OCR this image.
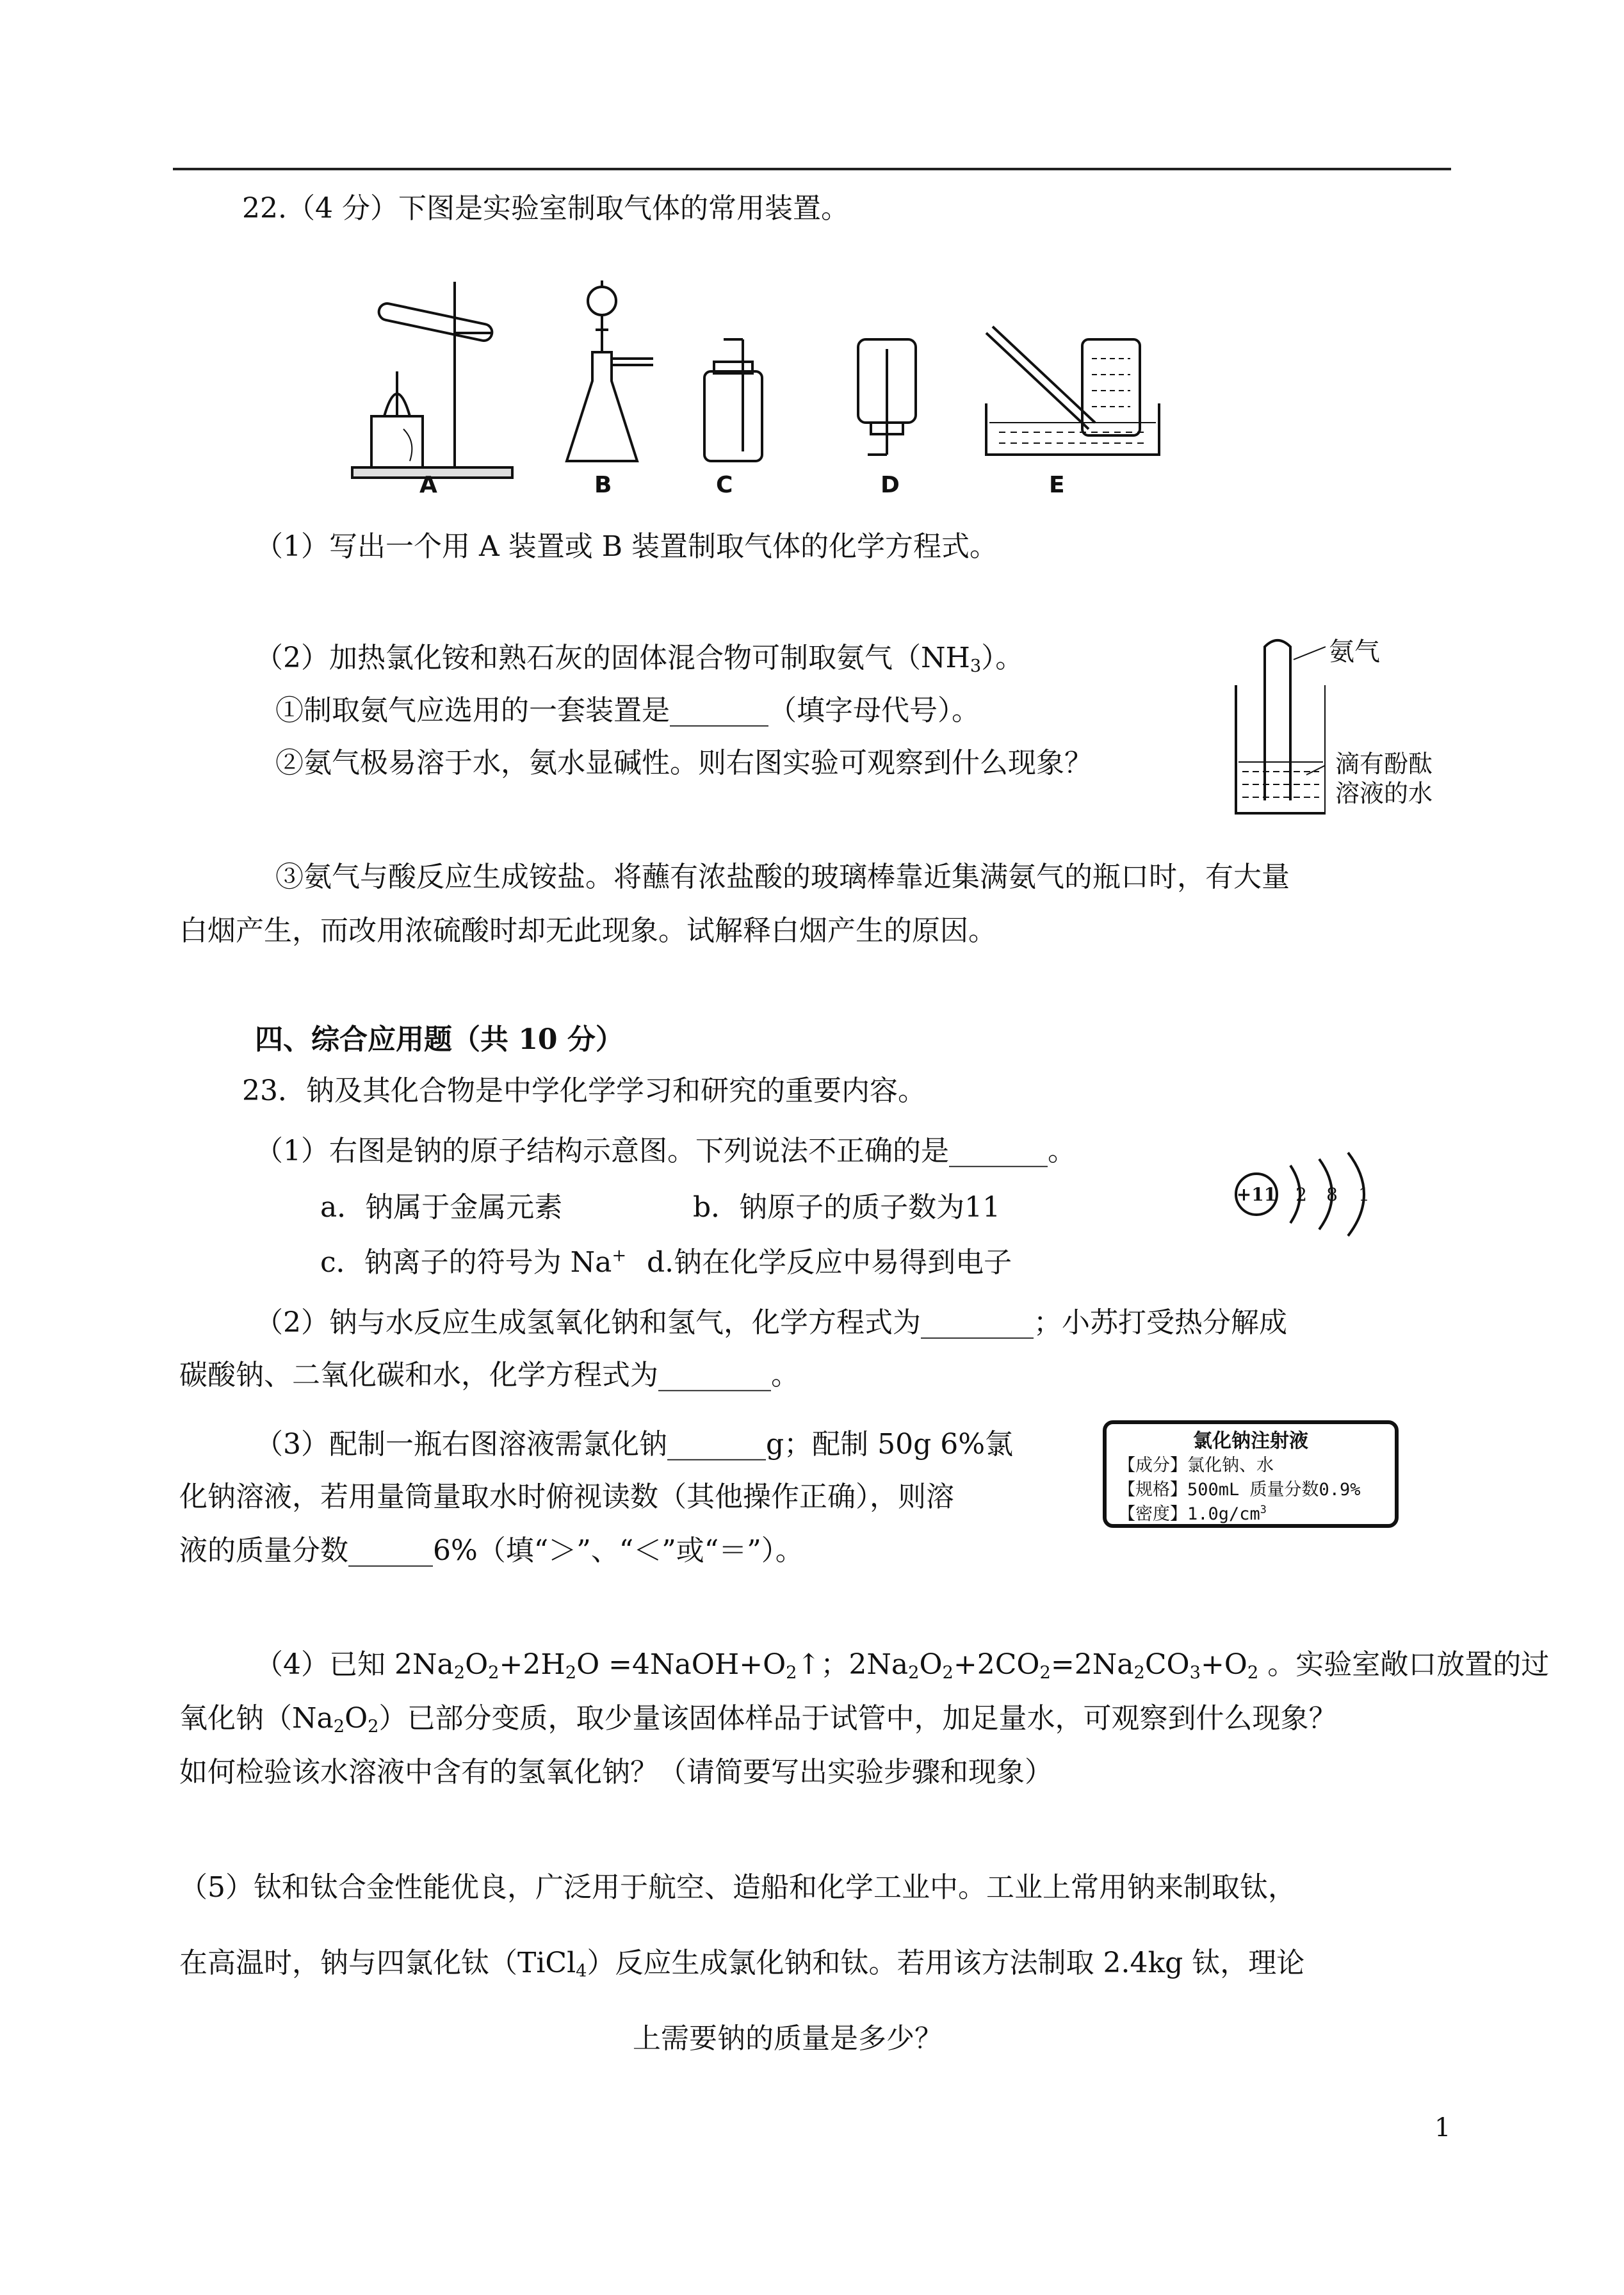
22.（4 分）下图是实验室制取气体的常用装置。
A	B	C	D	E
（1）写出一个用 A 装置或 B 装置制取气体的化学方程式。
（2）加热氯化铵和熟石灰的固体混合物可制取氨气$(NH_3)$。
①制取氨气应选用的一套装置是_______（填字母代号）。
②氨气极易溶于水，氨水显碱性。则右图实验可观察到什么现象？
氨气
滴有酚酞
溶液的水
③氨气与酸反应生成铵盐。将蘸有浓盐酸的玻璃棒靠近集满氨气的瓶口时，有大量
白烟产生，而改用浓硫酸时却无此现象。试解释白烟产生的原因。
四、综合应用题（共 10 分）
23．钠及其化合物是中学化学学习和研究的重要内容。
（1）右图是钠的原子结构示意图。下列说法不正确的是_______。
+11 2 8 1
a．钠属于金属元素	b．钠原子的质子数为11
c．钠离子的符号为 Na+ d.钠在化学反应中易得到电子
（2）钠与水反应生成氢氧化钠和氢气，化学方程式为________；小苏打受热分解成
碳酸钠、二氧化碳和水，化学方程式为________。
（3）配制一瓶右图溶液需氯化钠_______g；配制 50g 6%氯
化钠溶液，若用量筒量取水时俯视读数（其他操作正确），则溶
液的质量分数______6%（填“＞”、“＜”或“＝”）。
氯化钠注射液
【成分】氯化钠、水
【规格】500mL 质量分数0.9%
【密度】$1.0g/cm^3$
（4）已知 $2Na_2O_2+2H_2O$ $=4NaOH+O_2↑$；$2Na_2O_2+2CO_2=2Na_2CO_3+O_2$ 。实验室敞口放置的过
氧化钠$(Na_2O_2)$已部分变质，取少量该固体样品于试管中，加足量水，可观察到什么现象？
如何检验该水溶液中含有的氢氧化钠？（请简要写出实验步骤和现象）
（5）钛和钛合金性能优良，广泛用于航空、造船和化学工业中。工业上常用钠来制取钛，
在高温时，钠与四氯化钛（TiCl$_4$）反应生成氯化钠和钛。若用该方法制取 2.4kg 钛，理论
上需要钠的质量是多少？
1
